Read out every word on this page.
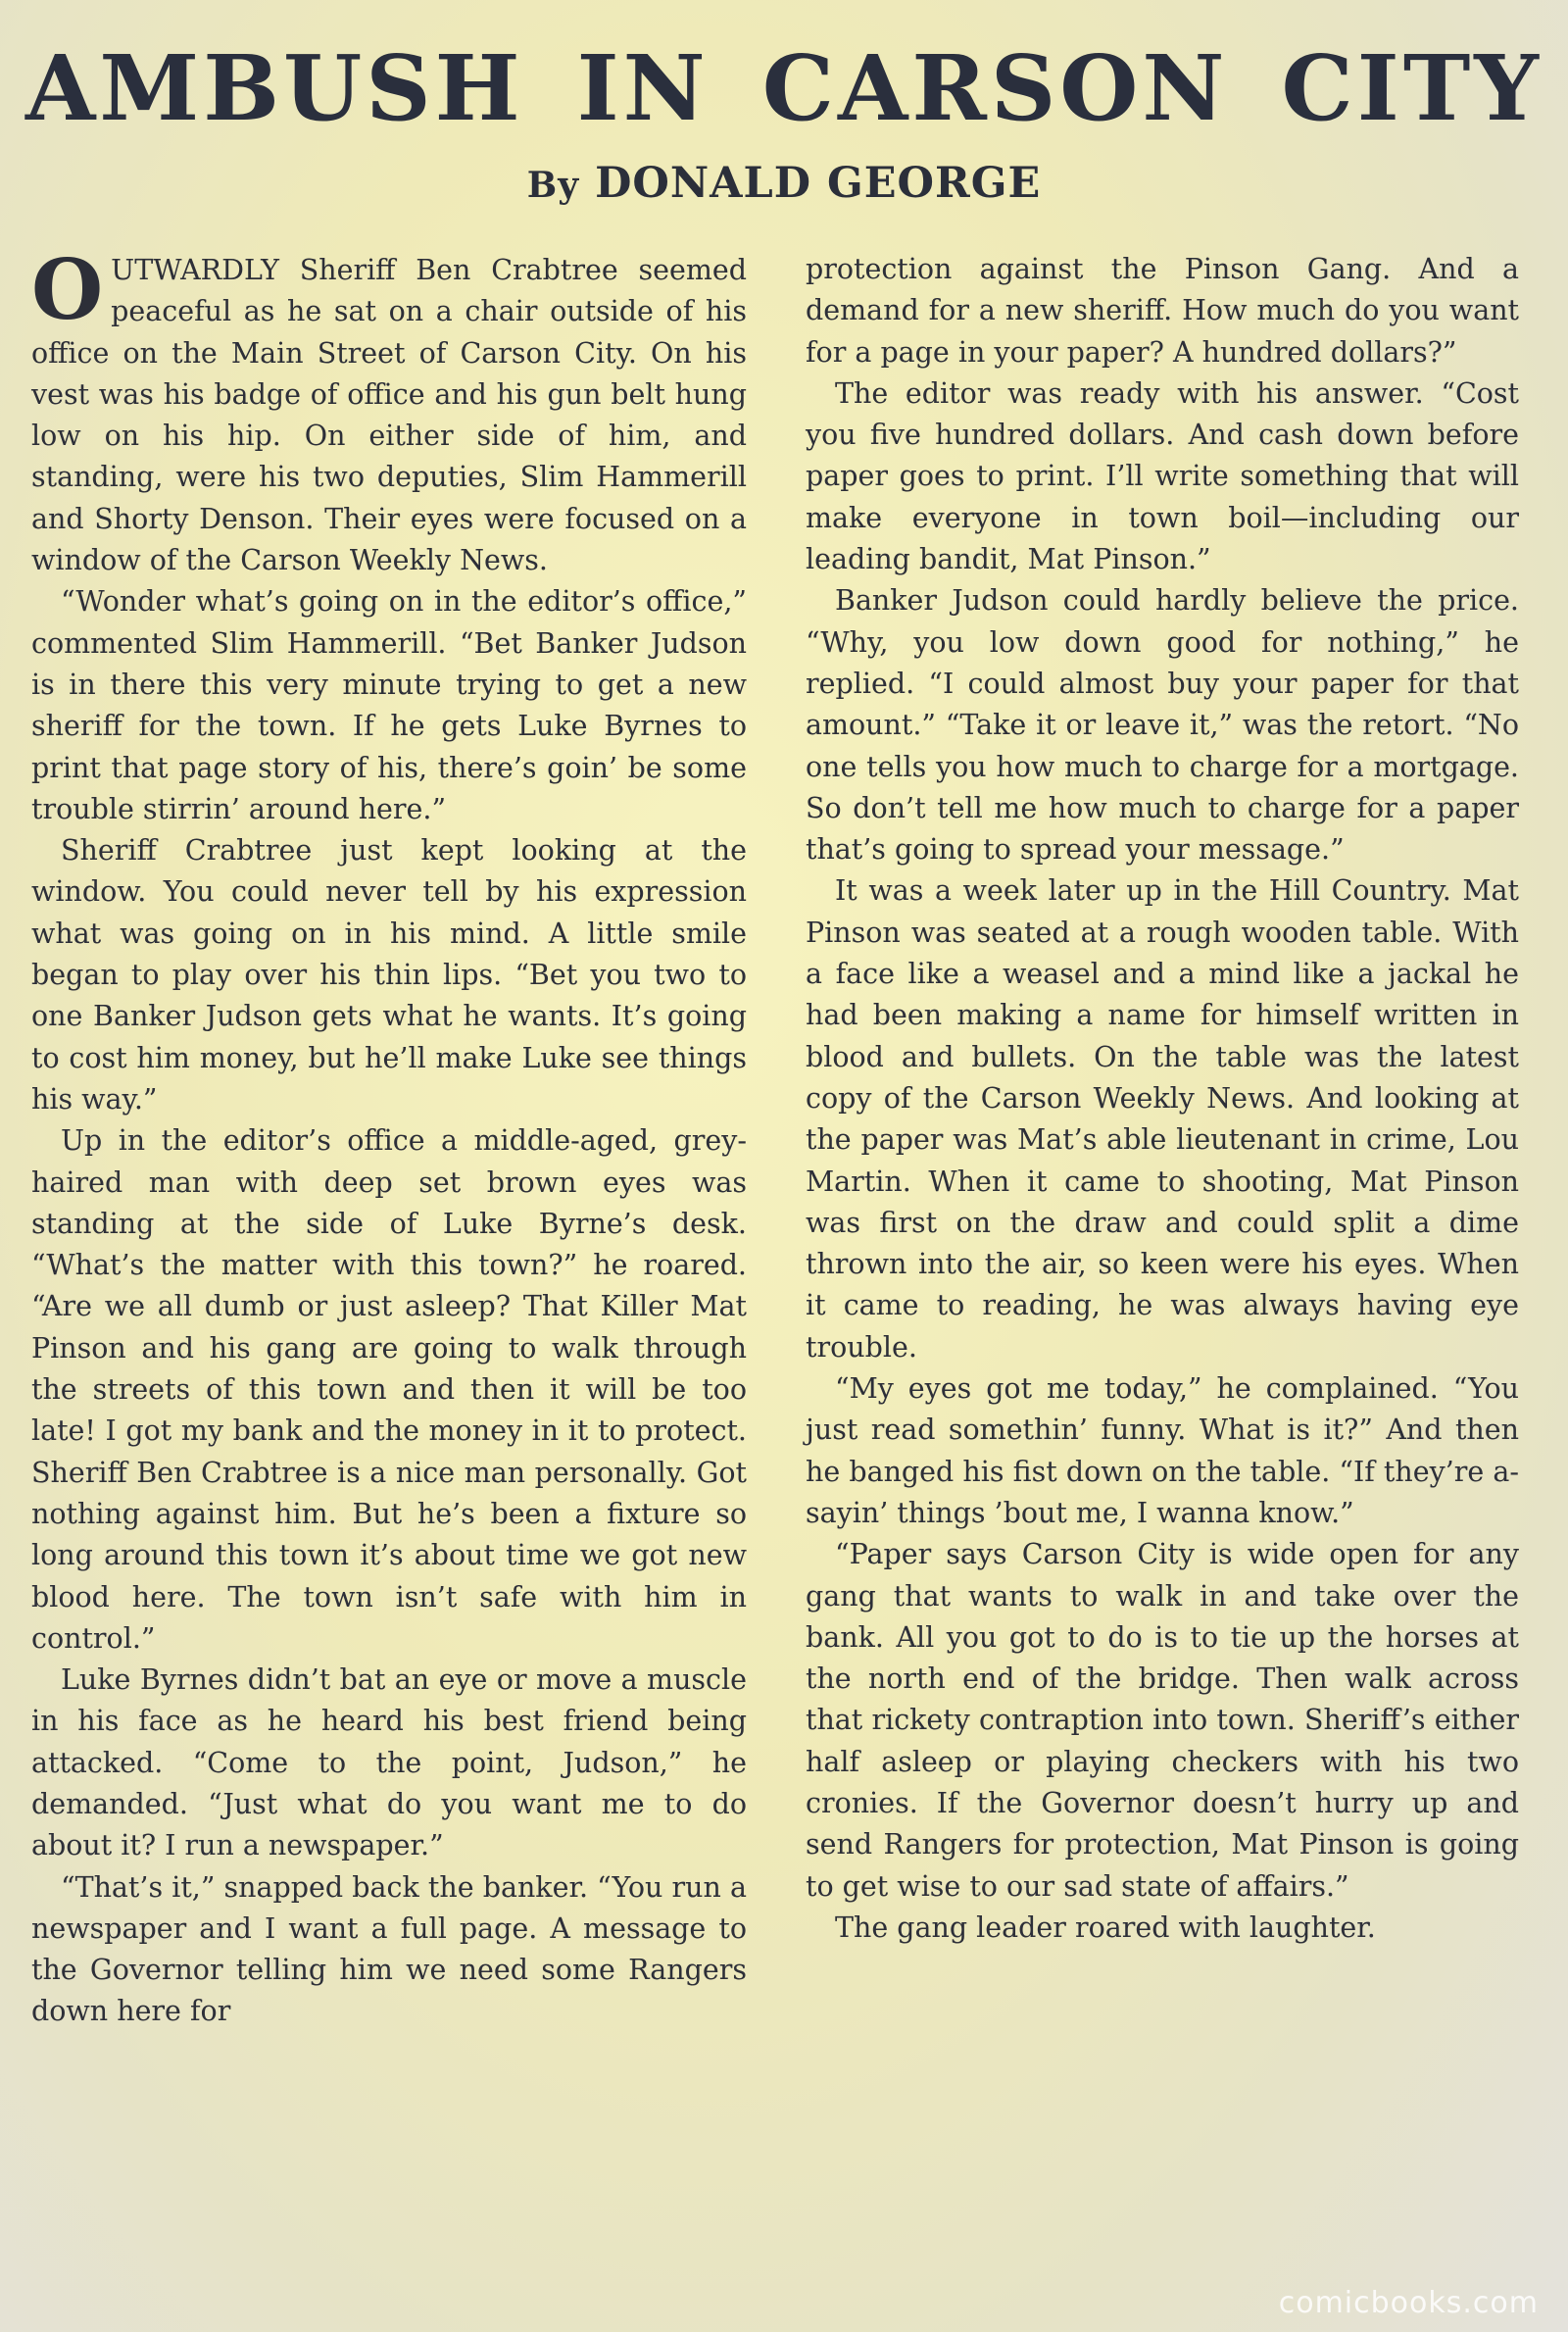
AMBUSH IN CARSON CITY
By DONALD GEORGE

OUTWARDLY Sheriff Ben Crabtree seemed peaceful as he sat on a chair outside of his office on the Main Street of Carson City. On his vest was his badge of office and his gun belt hung low on his hip. On either side of him, and standing, were his two deputies, Slim Hammerill and Shorty Denson. Their eyes were focused on a window of the Carson Weekly News.

“Wonder what’s going on in the editor’s office,” commented Slim Hammerill. “Bet Banker Judson is in there this very minute trying to get a new sheriff for the town. If he gets Luke Byrnes to print that page story of his, there’s goin’ be some trouble stirrin’ around here.”

Sheriff Crabtree just kept looking at the window. You could never tell by his expression what was going on in his mind. A little smile began to play over his thin lips. “Bet you two to one Banker Judson gets what he wants. It’s going to cost him money, but he’ll make Luke see things his way.”

Up in the editor’s office a middle-aged, grey-haired man with deep set brown eyes was standing at the side of Luke Byrne’s desk. “What’s the matter with this town?” he roared. “Are we all dumb or just asleep? That Killer Mat Pinson and his gang are going to walk through the streets of this town and then it will be too late! I got my bank and the money in it to protect. Sheriff Ben Crabtree is a nice man personally. Got nothing against him. But he’s been a fixture so long around this town it’s about time we got new blood here. The town isn’t safe with him in control.”

Luke Byrnes didn’t bat an eye or move a muscle in his face as he heard his best friend being attacked. “Come to the point, Judson,” he demanded. “Just what do you want me to do about it? I run a newspaper.”

“That’s it,” snapped back the banker. “You run a newspaper and I want a full page. A message to the Governor telling him we need some Rangers down here for

protection against the Pinson Gang. And a demand for a new sheriff. How much do you want for a page in your paper? A hundred dollars?”

The editor was ready with his answer. “Cost you five hundred dollars. And cash down before paper goes to print. I’ll write something that will make everyone in town boil—including our leading bandit, Mat Pinson.”

Banker Judson could hardly believe the price. “Why, you low down good for nothing,” he replied. “I could almost buy your paper for that amount.” “Take it or leave it,” was the retort. “No one tells you how much to charge for a mortgage. So don’t tell me how much to charge for a paper that’s going to spread your message.”

It was a week later up in the Hill Country. Mat Pinson was seated at a rough wooden table. With a face like a weasel and a mind like a jackal he had been making a name for himself written in blood and bullets. On the table was the latest copy of the Carson Weekly News. And looking at the paper was Mat’s able lieutenant in crime, Lou Martin. When it came to shooting, Mat Pinson was first on the draw and could split a dime thrown into the air, so keen were his eyes. When it came to reading, he was always having eye trouble.

“My eyes got me today,” he complained. “You just read somethin’ funny. What is it?” And then he banged his fist down on the table. “If they’re a-sayin’ things ’bout me, I wanna know.”

“Paper says Carson City is wide open for any gang that wants to walk in and take over the bank. All you got to do is to tie up the horses at the north end of the bridge. Then walk across that rickety contraption into town. Sheriff’s either half asleep or playing checkers with his two cronies. If the Governor doesn’t hurry up and send Rangers for protection, Mat Pinson is going to get wise to our sad state of affairs.”

The gang leader roared with laughter.

comicbooks.com
